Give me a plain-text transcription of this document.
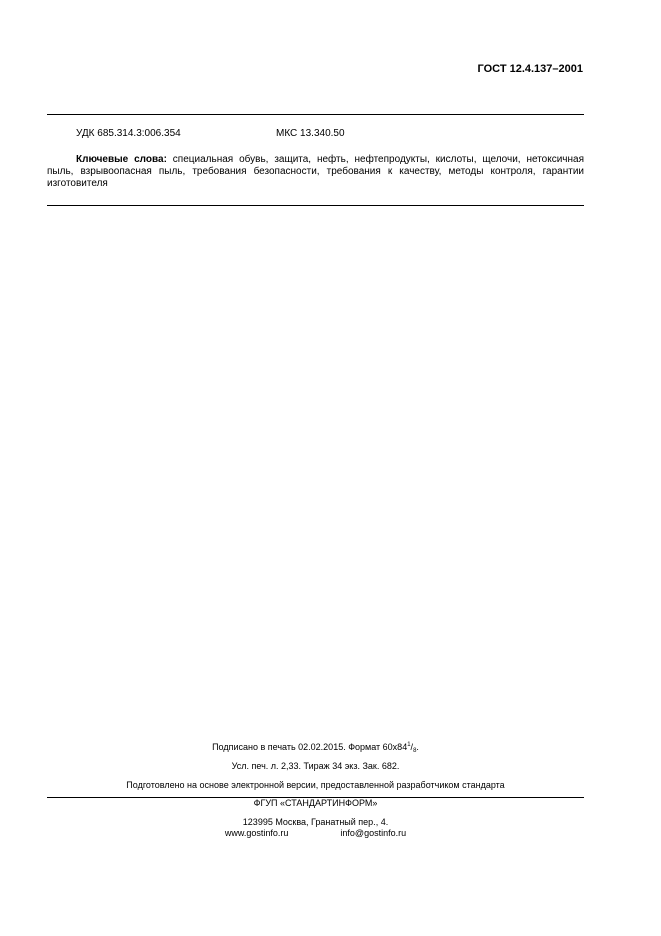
ГОСТ 12.4.137–2001
УДК 685.314.3:006.354	МКС 13.340.50
Ключевые слова: специальная обувь, защита, нефть, нефтепродукты, кислоты, щелочи, нетоксичная пыль, взрывоопасная пыль, требования безопасности, требования к качеству, методы контроля, гарантии изготовителя
Подписано в печать 02.02.2015. Формат $60х84^1/_8$.
Усл. печ. л. 2,33. Тираж 34 экз. Зак. 682.
Подготовлено на основе электронной версии, предоставленной разработчиком стандарта
ФГУП «СТАНДАРТИНФОРМ»
123995 Москва, Гранатный пер., 4.
www.gostinfo.ru	info@gostinfo.ru
